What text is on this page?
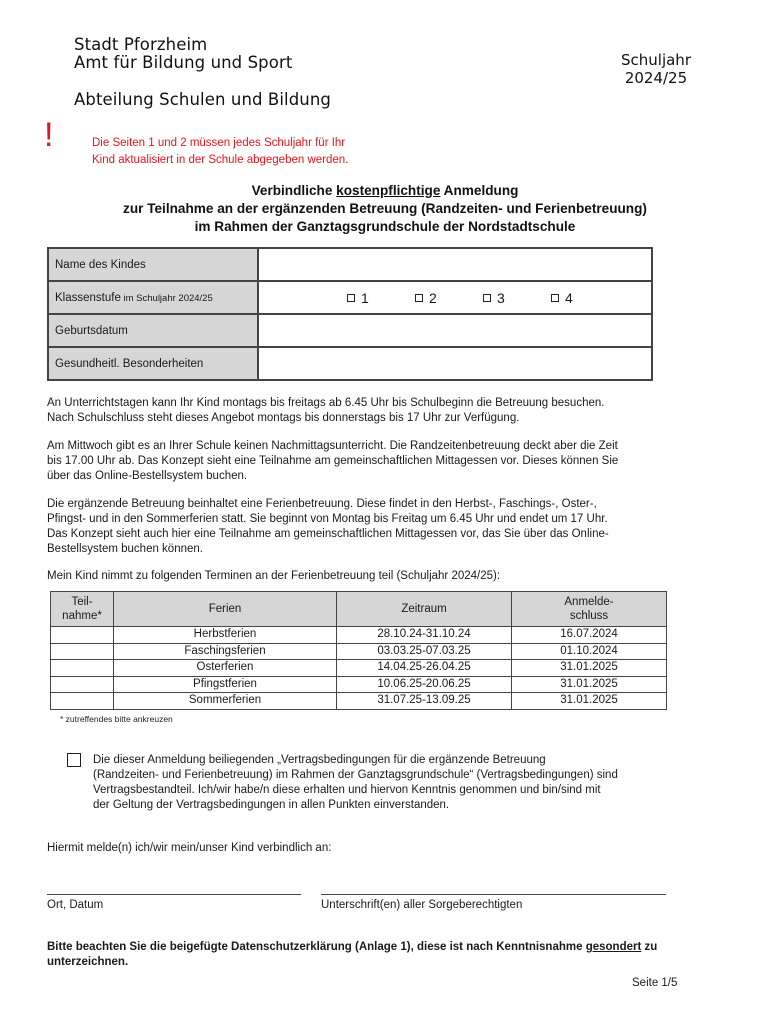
Stadt Pforzheim
Amt für Bildung und Sport
Abteilung Schulen und Bildung
Schuljahr
2024/25
!	Die Seiten 1 und 2 müssen jedes Schuljahr für Ihr
Kind aktualisiert in der Schule abgegeben werden.
Verbindliche kostenpflichtige Anmeldung
zur Teilnahme an der ergänzenden Betreuung (Randzeiten- und Ferienbetreuung)
im Rahmen der Ganztagsgrundschule der Nordstadtschule
Name des Kindes	
Klassenstufe im Schuljahr 2024/25	1 2 3 4

Geburtsdatum	
Gesundheitl. Besonderheiten	
An Unterrichtstagen kann Ihr Kind montags bis freitags ab 6.45 Uhr bis Schulbeginn die Betreuung besuchen.
Nach Schulschluss steht dieses Angebot montags bis donnerstags bis 17 Uhr zur Verfügung.
Am Mittwoch gibt es an Ihrer Schule keinen Nachmittagsunterricht. Die Randzeitenbetreuung deckt aber die Zeit
bis 17.00 Uhr ab. Das Konzept sieht eine Teilnahme am gemeinschaftlichen Mittagessen vor. Dieses können Sie
über das Online-Bestellsystem buchen.
Die ergänzende Betreuung beinhaltet eine Ferienbetreuung. Diese findet in den Herbst-, Faschings-, Oster-,
Pfingst- und in den Sommerferien statt. Sie beginnt von Montag bis Freitag um 6.45 Uhr und endet um 17 Uhr.
Das Konzept sieht auch hier eine Teilnahme am gemeinschaftlichen Mittagessen vor, das Sie über das Online-
Bestellsystem buchen können.
Mein Kind nimmt zu folgenden Terminen an der Ferienbetreuung teil (Schuljahr 2024/25):
Teil-
nahme*	Ferien	Zeitraum	Anmelde-
schluss
	Herbstferien	28.10.24-31.10.24	16.07.2024
	Faschingsferien	03.03.25-07.03.25	01.10.2024
	Osterferien	14.04.25-26.04.25	31.01.2025
	Pfingstferien	10.06.25-20.06.25	31.01.2025
	Sommerferien	31.07.25-13.09.25	31.01.2025
* zutreffendes bitte ankreuzen
Die dieser Anmeldung beiliegenden „Vertragsbedingungen für die ergänzende Betreuung
(Randzeiten- und Ferienbetreuung) im Rahmen der Ganztagsgrundschule“ (Vertragsbedingungen) sind
Vertragsbestandteil. Ich/wir habe/n diese erhalten und hiervon Kenntnis genommen und bin/sind mit
der Geltung der Vertragsbedingungen in allen Punkten einverstanden.
Hiermit melde(n) ich/wir mein/unser Kind verbindlich an:
Ort, Datum	Unterschrift(en) aller Sorgeberechtigten
Bitte beachten Sie die beigefügte Datenschutzerklärung (Anlage 1), diese ist nach Kenntnisnahme gesondert zu
unterzeichnen.
Seite 1/5
